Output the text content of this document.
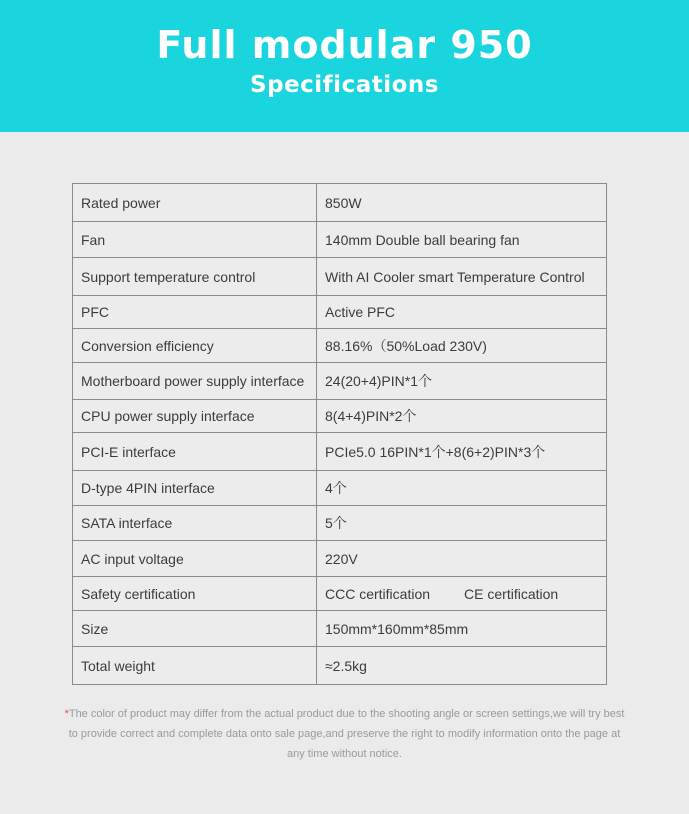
Full modular 950
Specifications
Rated power	850W
Fan	140mm Double ball bearing fan
Support temperature control	With AI Cooler smart Temperature Control
PFC	Active PFC
Conversion efficiency	88.16%（50%Load 230V)
Motherboard power supply interface	24(20+4)PIN*1个
CPU power supply interface	8(4+4)PIN*2个
PCI-E interface	PCIe5.0 16PIN*1个+8(6+2)PIN*3个
D-type 4PIN interface	4个
SATA interface	5个
AC input voltage	220V
Safety certification	CCC certification CE certification
Size	150mm*160mm*85mm
Total weight	≈2.5kg
*The color of product may differ from the actual product due to the shooting angle or screen settings,we will try best to provide correct and complete data onto sale page,and preserve the right to modify information onto the page at any time without notice.
